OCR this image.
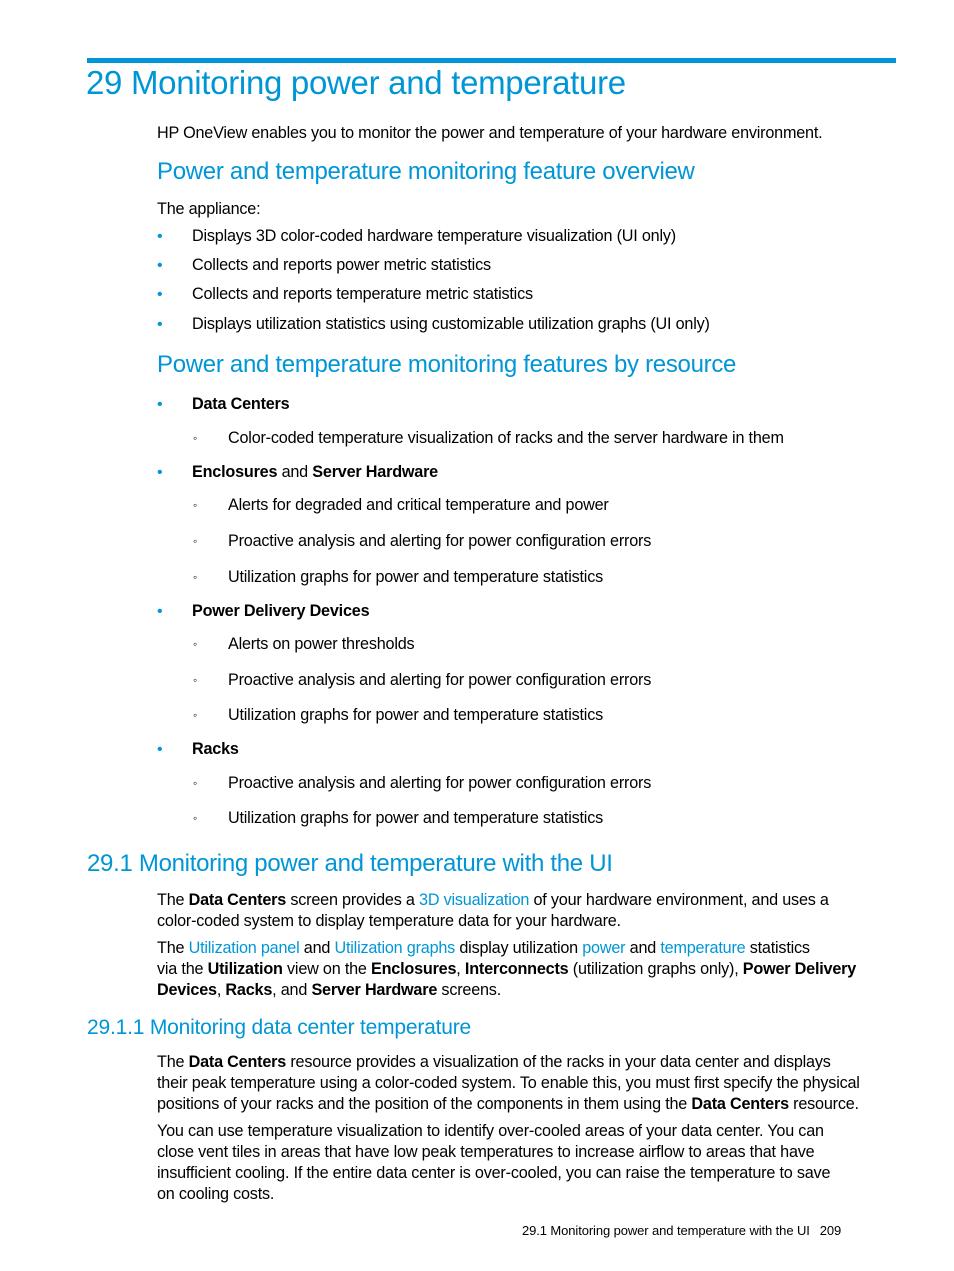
29 Monitoring power and temperature

HP OneView enables you to monitor the power and temperature of your hardware environment.

Power and temperature monitoring feature overview

The appliance:

• Displays 3D color-coded hardware temperature visualization (UI only)
• Collects and reports power metric statistics
• Collects and reports temperature metric statistics
• Displays utilization statistics using customizable utilization graphs (UI only)
Power and temperature monitoring features by resource
• Data Centers
◦ Color-coded temperature visualization of racks and the server hardware in them
• Enclosures and Server Hardware
◦ Alerts for degraded and critical temperature and power
◦ Proactive analysis and alerting for power configuration errors
◦ Utilization graphs for power and temperature statistics
• Power Delivery Devices
◦ Alerts on power thresholds
◦ Proactive analysis and alerting for power configuration errors
◦ Utilization graphs for power and temperature statistics
• Racks
◦ Proactive analysis and alerting for power configuration errors
◦ Utilization graphs for power and temperature statistics
29.1 Monitoring power and temperature with the UI

The Data Centers screen provides a 3D visualization of your hardware environment, and uses a

color-coded system to display temperature data for your hardware.

The Utilization panel and Utilization graphs display utilization power and temperature statistics

via the Utilization view on the Enclosures, Interconnects (utilization graphs only), Power Delivery

Devices, Racks, and Server Hardware screens.

29.1.1 Monitoring data center temperature

The Data Centers resource provides a visualization of the racks in your data center and displays

their peak temperature using a color-coded system. To enable this, you must first specify the physical

positions of your racks and the position of the components in them using the Data Centers resource.

You can use temperature visualization to identify over-cooled areas of your data center. You can

close vent tiles in areas that have low peak temperatures to increase airflow to areas that have

insufficient cooling. If the entire data center is over-cooled, you can raise the temperature to save

on cooling costs.

29.1 Monitoring power and temperature with the UI 209
